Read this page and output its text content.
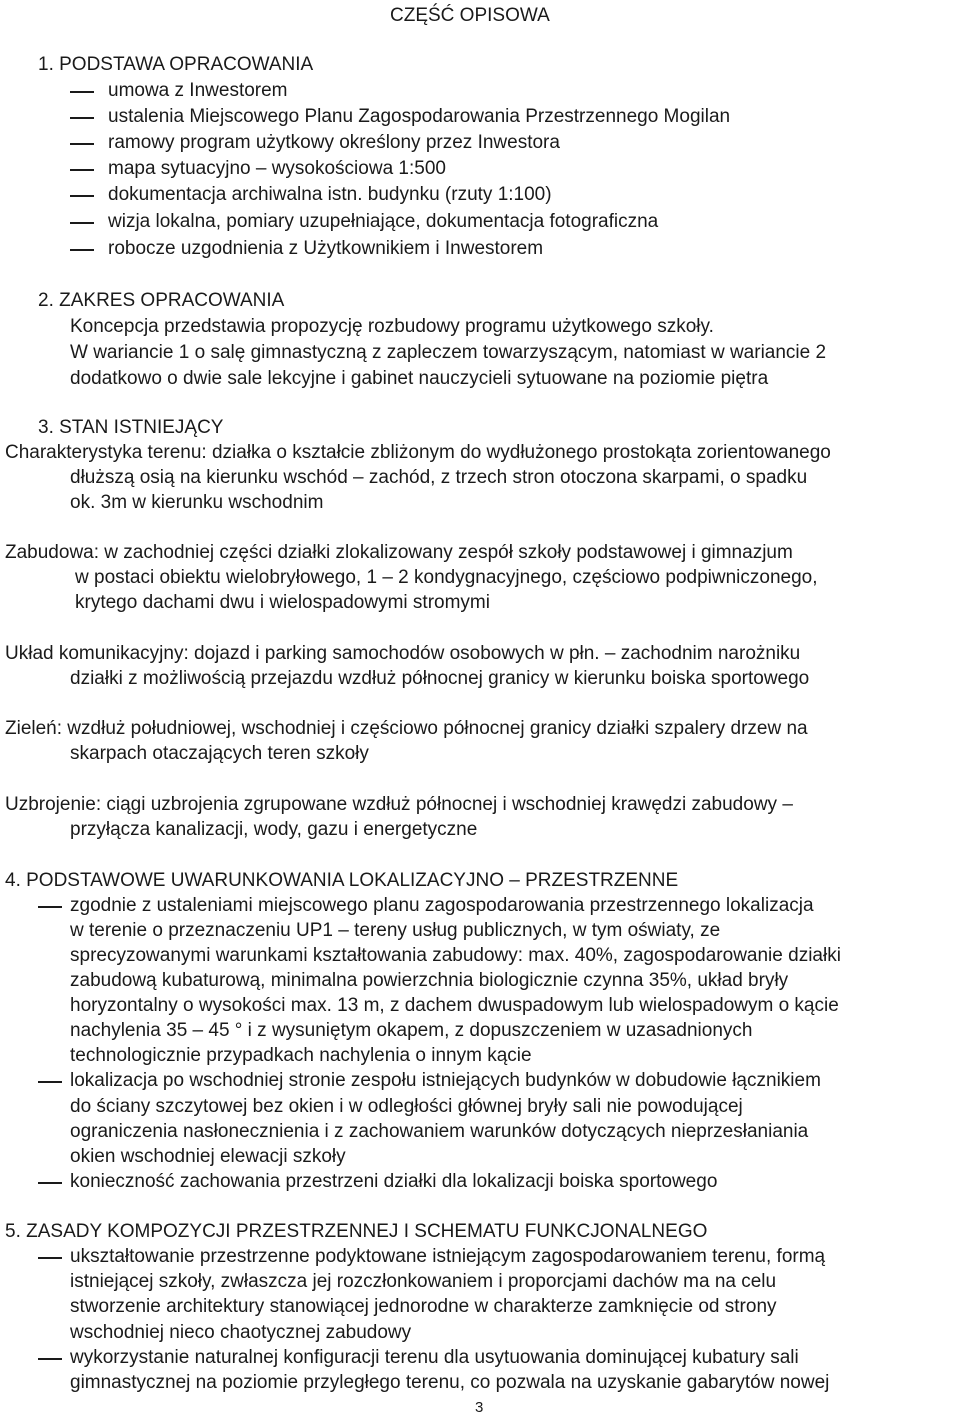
CZĘŚĆ OPISOWA
1. PODSTAWA OPRACOWANIA
umowa z Inwestorem
ustalenia Miejscowego Planu Zagospodarowania Przestrzennego Mogilan
ramowy program użytkowy określony przez Inwestora
mapa sytuacyjno – wysokościowa 1:500
dokumentacja archiwalna istn. budynku (rzuty 1:100)
wizja lokalna, pomiary uzupełniające, dokumentacja fotograficzna
robocze uzgodnienia z Użytkownikiem i Inwestorem
2. ZAKRES OPRACOWANIA
Koncepcja przedstawia propozycję rozbudowy programu użytkowego szkoły.
W wariancie 1 o salę gimnastyczną z zapleczem towarzyszącym, natomiast w wariancie 2
dodatkowo o dwie sale lekcyjne i gabinet nauczycieli sytuowane na poziomie piętra
3. STAN ISTNIEJĄCY
Charakterystyka terenu: działka o kształcie zbliżonym do wydłużonego prostokąta zorientowanego
dłuższą osią na kierunku wschód – zachód, z trzech stron otoczona skarpami, o spadku
ok. 3m w kierunku wschodnim
Zabudowa: w zachodniej części działki zlokalizowany zespół szkoły podstawowej i gimnazjum
w postaci obiektu wielobryłowego, 1 – 2 kondygnacyjnego, częściowo podpiwniczonego,
krytego dachami dwu i wielospadowymi stromymi
Układ komunikacyjny: dojazd i parking samochodów osobowych w płn. – zachodnim narożniku
działki z możliwością przejazdu wzdłuż północnej granicy w kierunku boiska sportowego
Zieleń: wzdłuż południowej, wschodniej i częściowo północnej granicy działki szpalery drzew na
skarpach otaczających teren szkoły
Uzbrojenie: ciągi uzbrojenia zgrupowane wzdłuż północnej i wschodniej krawędzi zabudowy –
przyłącza kanalizacji, wody, gazu i energetyczne
4. PODSTAWOWE UWARUNKOWANIA LOKALIZACYJNO – PRZESTRZENNE
zgodnie z ustaleniami miejscowego planu zagospodarowania przestrzennego lokalizacja
w terenie o przeznaczeniu UP1 – tereny usług publicznych, w tym oświaty, ze
sprecyzowanymi warunkami kształtowania zabudowy: max. 40%, zagospodarowanie działki
zabudową kubaturową, minimalna powierzchnia biologicznie czynna 35%, układ bryły
horyzontalny o wysokości max. 13 m, z dachem dwuspadowym lub wielospadowym o kącie
nachylenia 35 – 45 ° i z wysuniętym okapem, z dopuszczeniem w uzasadnionych
technologicznie przypadkach nachylenia o innym kącie
lokalizacja po wschodniej stronie zespołu istniejących budynków w dobudowie łącznikiem
do ściany szczytowej bez okien i w odległości głównej bryły sali nie powodującej
ograniczenia nasłonecznienia i z zachowaniem warunków dotyczących nieprzesłaniania
okien wschodniej elewacji szkoły
konieczność zachowania przestrzeni działki dla lokalizacji boiska sportowego
5. ZASADY KOMPOZYCJI PRZESTRZENNEJ I SCHEMATU FUNKCJONALNEGO
ukształtowanie przestrzenne podyktowane istniejącym zagospodarowaniem terenu, formą
istniejącej szkoły, zwłaszcza jej rozczłonkowaniem i proporcjami dachów ma na celu
stworzenie architektury stanowiącej jednorodne w charakterze zamknięcie od strony
wschodniej nieco chaotycznej zabudowy
wykorzystanie naturalnej konfiguracji terenu dla usytuowania dominującej kubatury sali
gimnastycznej na poziomie przyległego terenu, co pozwala na uzyskanie gabarytów nowej
3
